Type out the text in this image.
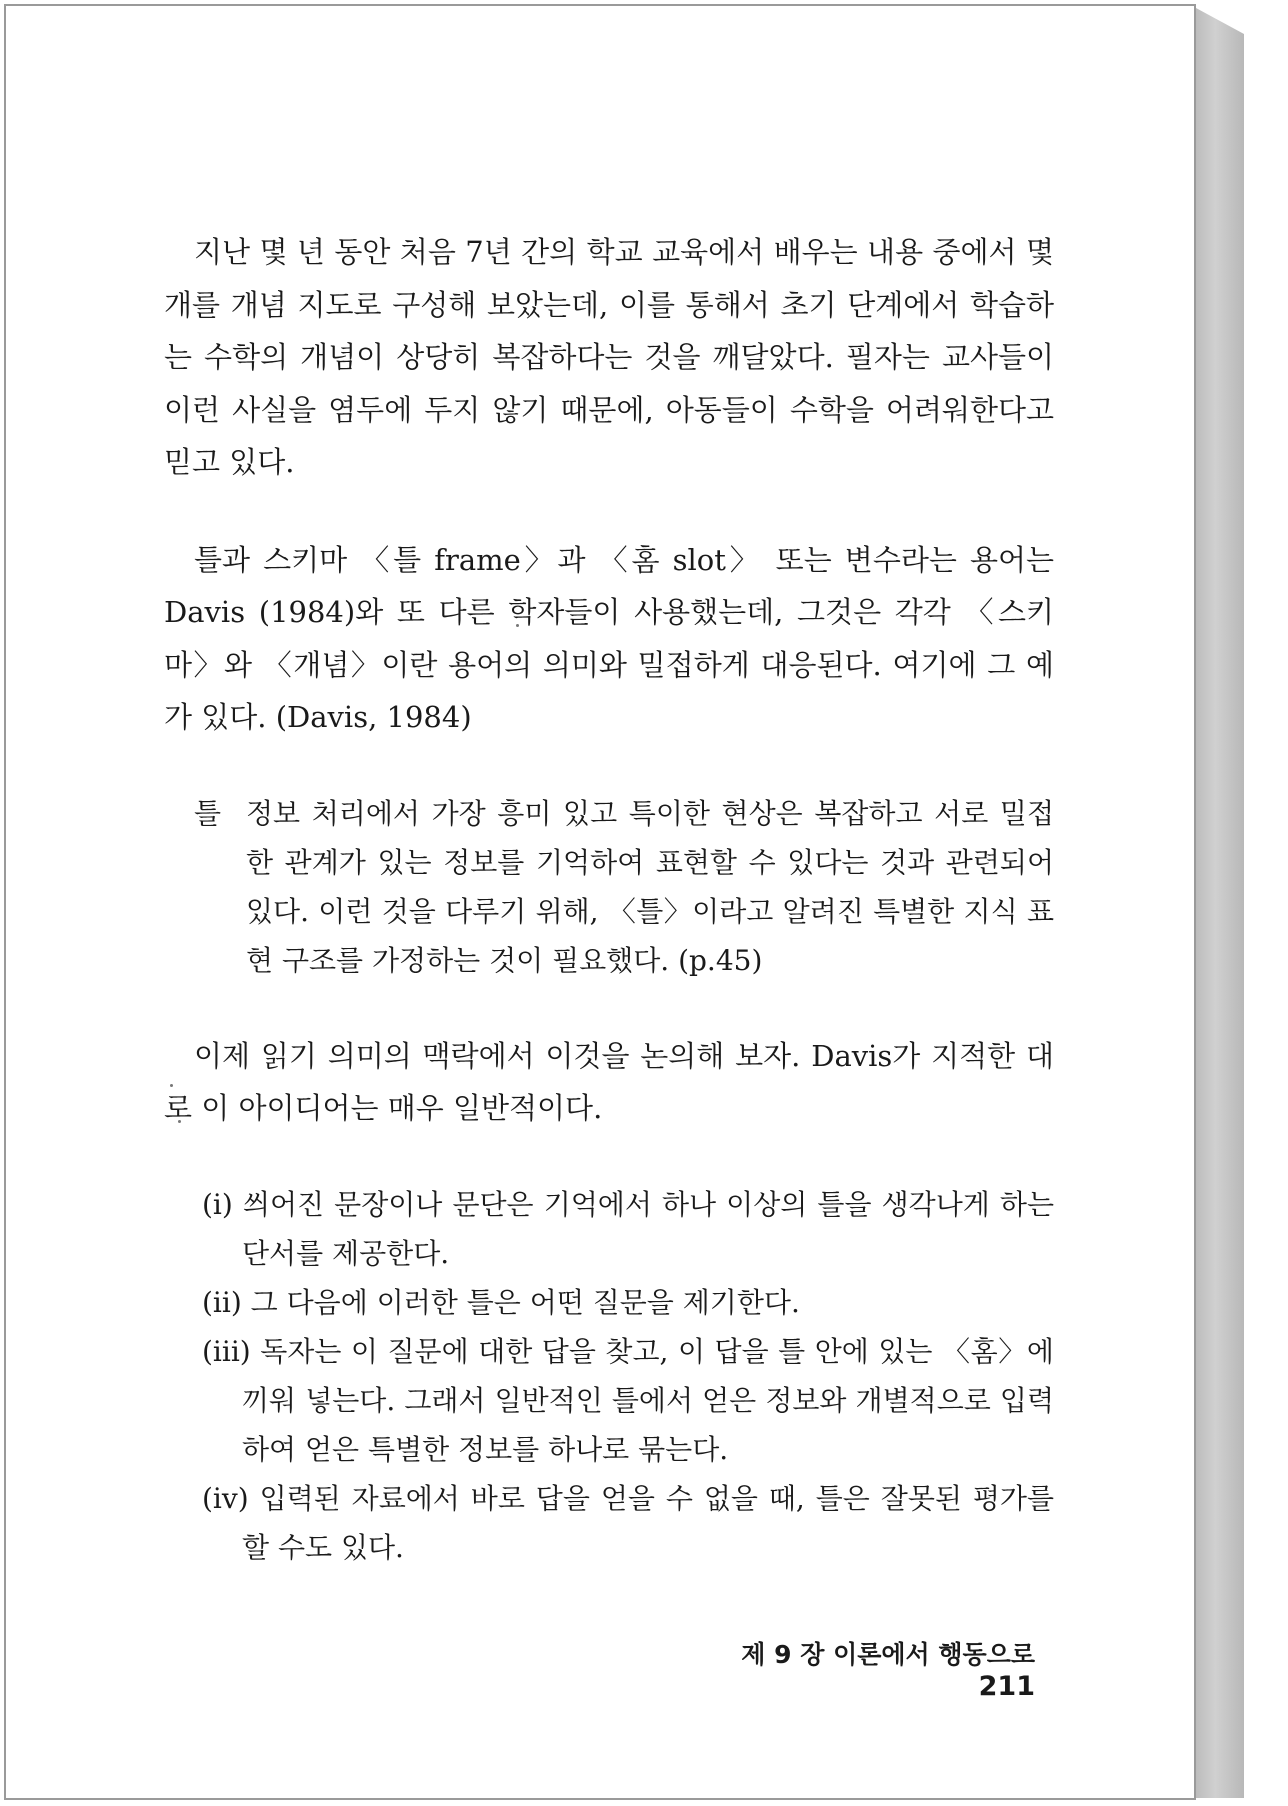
지난 몇 년 동안 처음 7년 간의 학교 교육에서 배우는 내용 중에서 몇 개를 개념 지도로 구성해 보았는데, 이를 통해서 초기 단계에서 학습하는 수학의 개념이 상당히 복잡하다는 것을 깨달았다. 필자는 교사들이 이런 사실을 염두에 두지 않기 때문에, 아동들이 수학을 어려워한다고 믿고 있다.

틀과 스키마 〈틀 frame〉과 〈홈 slot〉 또는 변수라는 용어는 Davis (1984)와 또 다른 학자들이 사용했는데, 그것은 각각 〈스키마〉와 〈개념〉이란 용어의 의미와 밀접하게 대응된다. 여기에 그 예가 있다. (Davis, 1984)

틀 정보 처리에서 가장 흥미 있고 특이한 현상은 복잡하고 서로 밀접한 관계가 있는 정보를 기억하여 표현할 수 있다는 것과 관련되어 있다. 이런 것을 다루기 위해, 〈틀〉이라고 알려진 특별한 지식 표현 구조를 가정하는 것이 필요했다. (p.45)

이제 읽기 의미의 맥락에서 이것을 논의해 보자. Davis가 지적한 대로 이 아이디어는 매우 일반적이다.

(i) 씌어진 문장이나 문단은 기억에서 하나 이상의 틀을 생각나게 하는 단서를 제공한다.
(ii) 그 다음에 이러한 틀은 어떤 질문을 제기한다.
(iii) 독자는 이 질문에 대한 답을 찾고, 이 답을 틀 안에 있는 〈홈〉에 끼워 넣는다. 그래서 일반적인 틀에서 얻은 정보와 개별적으로 입력하여 얻은 특별한 정보를 하나로 묶는다.
(iv) 입력된 자료에서 바로 답을 얻을 수 없을 때, 틀은 잘못된 평가를 할 수도 있다.
제 9 장 이론에서 행동으로211
